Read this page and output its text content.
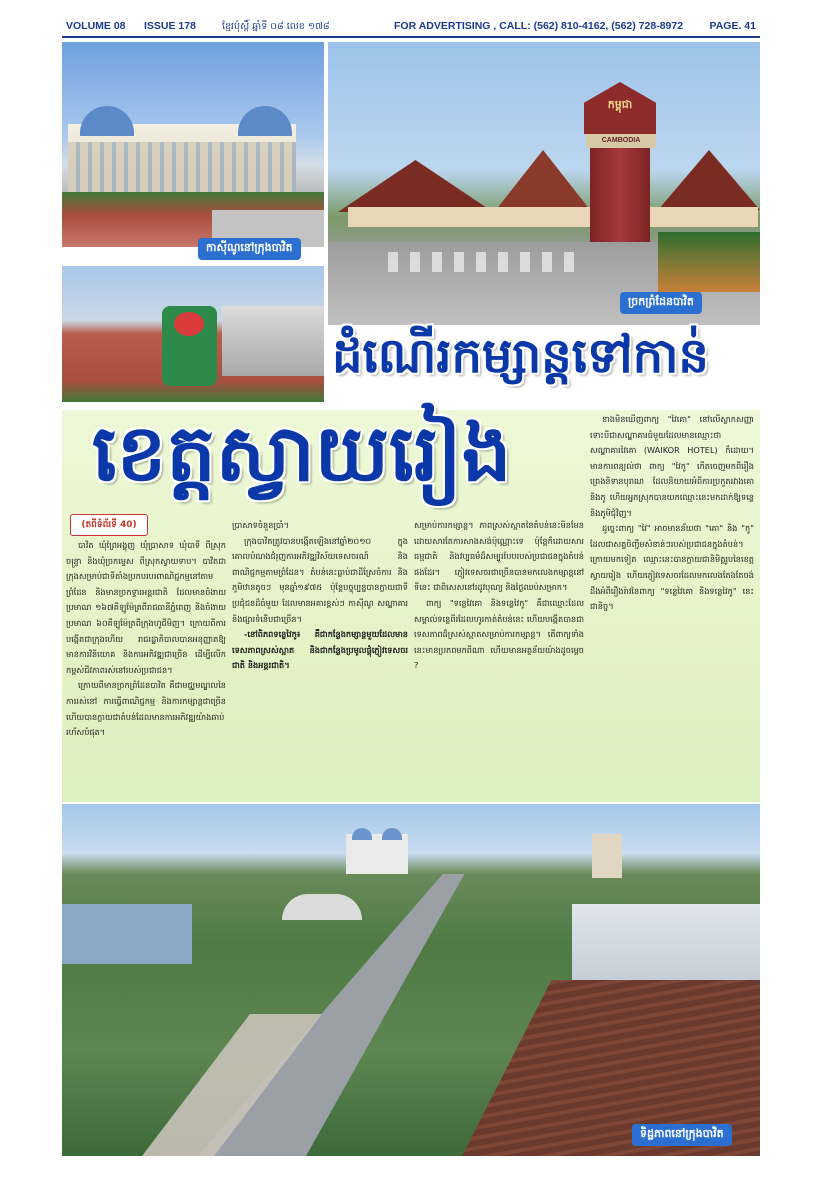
VOLUME 08 ISSUE 178	ខ្មែរប៉ុស្តិ៍ ឆ្នាំទី ០៨ លេខ ១៧៨	FOR ADVERTISING , CALL: (562) 810-4162, (562) 728-8972	PAGE. 41
កាស៊ីណូនៅក្រុងបាវិត
កម្ពុជា
CAMBODIA
ច្រកព្រំដែនបាវិត
ដំណើរកម្សាន្តទៅកាន់
ខេត្តស្វាយរៀង
(តពីទំព័រទី 40)

ខាងមិនឃើញពាក្យ "វៃគោ" នៅលើស្លាកសញ្ញា ទោះបីជាសណ្ឋាគារធំមួយដែលមានឈ្មោះថា សណ្ឋាគារវៃគោ (WAIKOR HOTEL) ក៏ដោយ។ មានការពន្យល់ថា ពាក្យ "វៃកូ" កើតចេញមកពីរឿងព្រេងនិទានបុរាណ ដែលនិយាយអំពីការប្រកួតរវាងគោ និងកូ ហើយអ្នកស្រុកបានយកឈ្មោះនេះមកដាក់ឱ្យទន្លេ និងភូមិជុំវិញ។

ដូច្នេះពាក្យ "វៃ" អាចមានន័យថា "គោ" និង "កូ" ដែលជាសត្វចិញ្ចឹមសំខាន់ៗរបស់ប្រជាជនក្នុងតំបន់។ ក្រោយមកទៀត ឈ្មោះនេះបានក្លាយជានិមិត្តរូបនៃខេត្តស្វាយរៀង ហើយភ្ញៀវទេសចរដែលមកលេងតែងតែចង់ដឹងអំពីរឿងរ៉ាវនៃពាក្យ "ទន្លេវៃគោ និងទន្លេវៃកូ" នេះជានិច្ច។

បាវិត ឃុំព្រៃអង្គុញ ឃុំប្រាសាទ ឃុំបាទី ពីស្រុកចន្ទ្រា និងឃុំច្រកម្ទេស ពីស្រុកស្វាយទាប។ បាវិតជាក្រុងសម្រាប់ជាទីតាំងប្រកបរបរពាណិជ្ជកម្មនៅតាមព្រំដែន និងមានច្រកទ្វារអន្តរជាតិ ដែលមានចំងាយប្រមាណ ១៦៧គីឡូម៉ែត្រពីរាជធានីភ្នំពេញ និងចំងាយប្រមាណ ៦០គីឡូម៉ែត្រពីក្រុងហូជីមិញ។ ក្រោយពីការបង្កើតជាក្រុងហើយ រាជរដ្ឋាភិបាលបានអនុញ្ញាតឱ្យមានការវិនិយោគ និងការអភិវឌ្ឍជាច្រើន ដើម្បីលើកកម្ពស់ជីវភាពរស់នៅរបស់ប្រជាជន។

ក្រោយពីមានច្រកព្រំដែនបាវិត គឺជាមជ្ឈមណ្ឌលនៃការរស់នៅ ការធ្វើពាណិជ្ជកម្ម និងការកម្សាន្តជាច្រើន ហើយបានក្លាយជាតំបន់ដែលមានការអភិវឌ្ឍយ៉ាងឆាប់រហ័សបំផុត។

ប្រាសាទចំនួនប្រាំ។

ក្រុងបាវិតត្រូវបានបង្កើតឡើងនៅឆ្នាំ២០១០ ក្នុងគោលបំណងជំរុញការអភិវឌ្ឍវិស័យទេសចរណ៍ និងពាណិជ្ជកម្មតាមព្រំដែន។ តំបន់នេះធ្លាប់ជាដីស្រែចំការ និងភូមិឋានតូចៗ មុនឆ្នាំ១៩៧៥ ប៉ុន្តែបច្ចុប្បន្នបានក្លាយជាទីប្រជុំជនដ៏ធំមួយ ដែលមានអគារខ្ពស់ៗ កាស៊ីណូ សណ្ឋាគារ និងផ្សារទំនើបជាច្រើន។

-នៅពិភពទន្លេវៃកូ៖ គឺជាកន្លែងកម្សាន្តមួយដែលមានទេសភាពស្រស់ស្អាត និងជាកន្លែងប្រមូលផ្តុំភ្ញៀវទេសចរជាតិ និងអន្តរជាតិ។

សម្រាប់ការកម្សាន្ត។ ភាពស្រស់ស្អាតនៃតំបន់នេះមិនមែនដោយសារតែការសាងសង់ប៉ុណ្ណោះទេ ប៉ុន្តែក៏ដោយសារធម្មជាតិ និងវប្បធម៌ដ៏សម្បូរបែបរបស់ប្រជាជនក្នុងតំបន់ផងដែរ។ ភ្ញៀវទេសចរជាច្រើនបានមកលេងកម្សាន្តនៅទីនេះ ជាពិសេសនៅរដូវបុណ្យ និងថ្ងៃឈប់សម្រាក។

ពាក្យ "ទន្លេវៃគោ និងទន្លេវៃកូ" គឺជាឈ្មោះដែលសម្គាល់ទន្លេពីរដែលហូរកាត់តំបន់នេះ ហើយបង្កើតបានជាទេសភាពដ៏ស្រស់ស្អាតសម្រាប់ការកម្សាន្ត។ តើពាក្យទាំងនេះមានប្រភពមកពីណា ហើយមានអត្ថន័យយ៉ាងដូចម្តេច ?

ទិដ្ឋភាពនៅក្រុងបាវិត
